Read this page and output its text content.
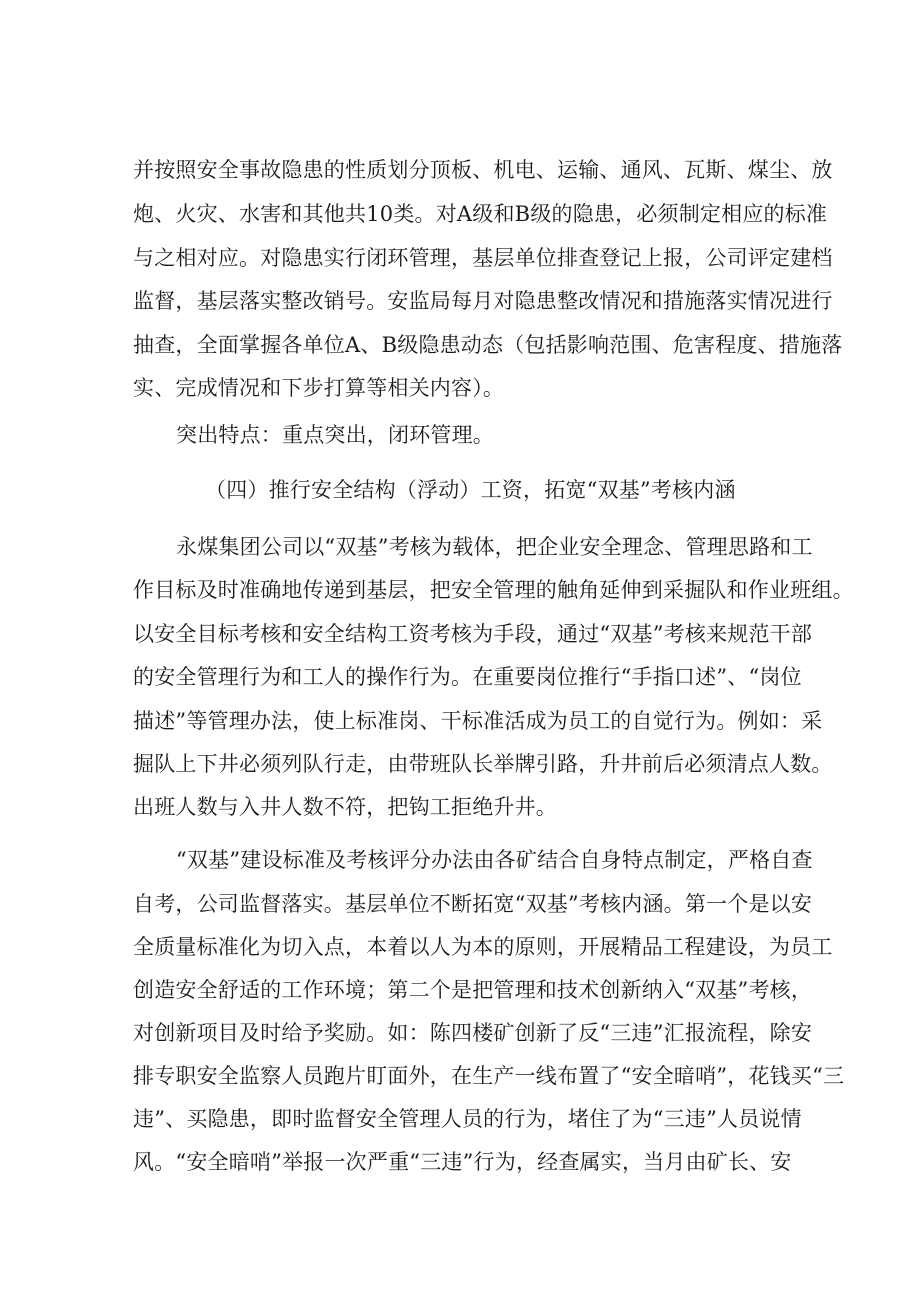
并按照安全事故隐患的性质划分顶板、机电、运输、通风、瓦斯、煤尘、放
炮、火灾、水害和其他共10类。对A级和B级的隐患，必须制定相应的标准
与之相对应。对隐患实行闭环管理，基层单位排查登记上报，公司评定建档
监督，基层落实整改销号。安监局每月对隐患整改情况和措施落实情况进行
抽查，全面掌握各单位A、B级隐患动态（包括影响范围、危害程度、措施落
实、完成情况和下步打算等相关内容）。
突出特点：重点突出，闭环管理。
（四）推行安全结构（浮动）工资，拓宽“双基”考核内涵
永煤集团公司以“双基”考核为载体，把企业安全理念、管理思路和工
作目标及时准确地传递到基层，把安全管理的触角延伸到采掘队和作业班组。
以安全目标考核和安全结构工资考核为手段，通过“双基”考核来规范干部
的安全管理行为和工人的操作行为。在重要岗位推行“手指口述”、“岗位
描述”等管理办法，使上标准岗、干标准活成为员工的自觉行为。例如：采
掘队上下井必须列队行走，由带班队长举牌引路，升井前后必须清点人数。
出班人数与入井人数不符，把钩工拒绝升井。
“双基”建设标准及考核评分办法由各矿结合自身特点制定，严格自查
自考，公司监督落实。基层单位不断拓宽“双基”考核内涵。第一个是以安
全质量标准化为切入点，本着以人为本的原则，开展精品工程建设，为员工
创造安全舒适的工作环境；第二个是把管理和技术创新纳入“双基”考核，
对创新项目及时给予奖励。如：陈四楼矿创新了反“三违”汇报流程，除安
排专职安全监察人员跑片盯面外，在生产一线布置了“安全暗哨”，花钱买“三
违”、买隐患，即时监督安全管理人员的行为，堵住了为“三违”人员说情
风。“安全暗哨”举报一次严重“三违”行为，经查属实，当月由矿长、安
